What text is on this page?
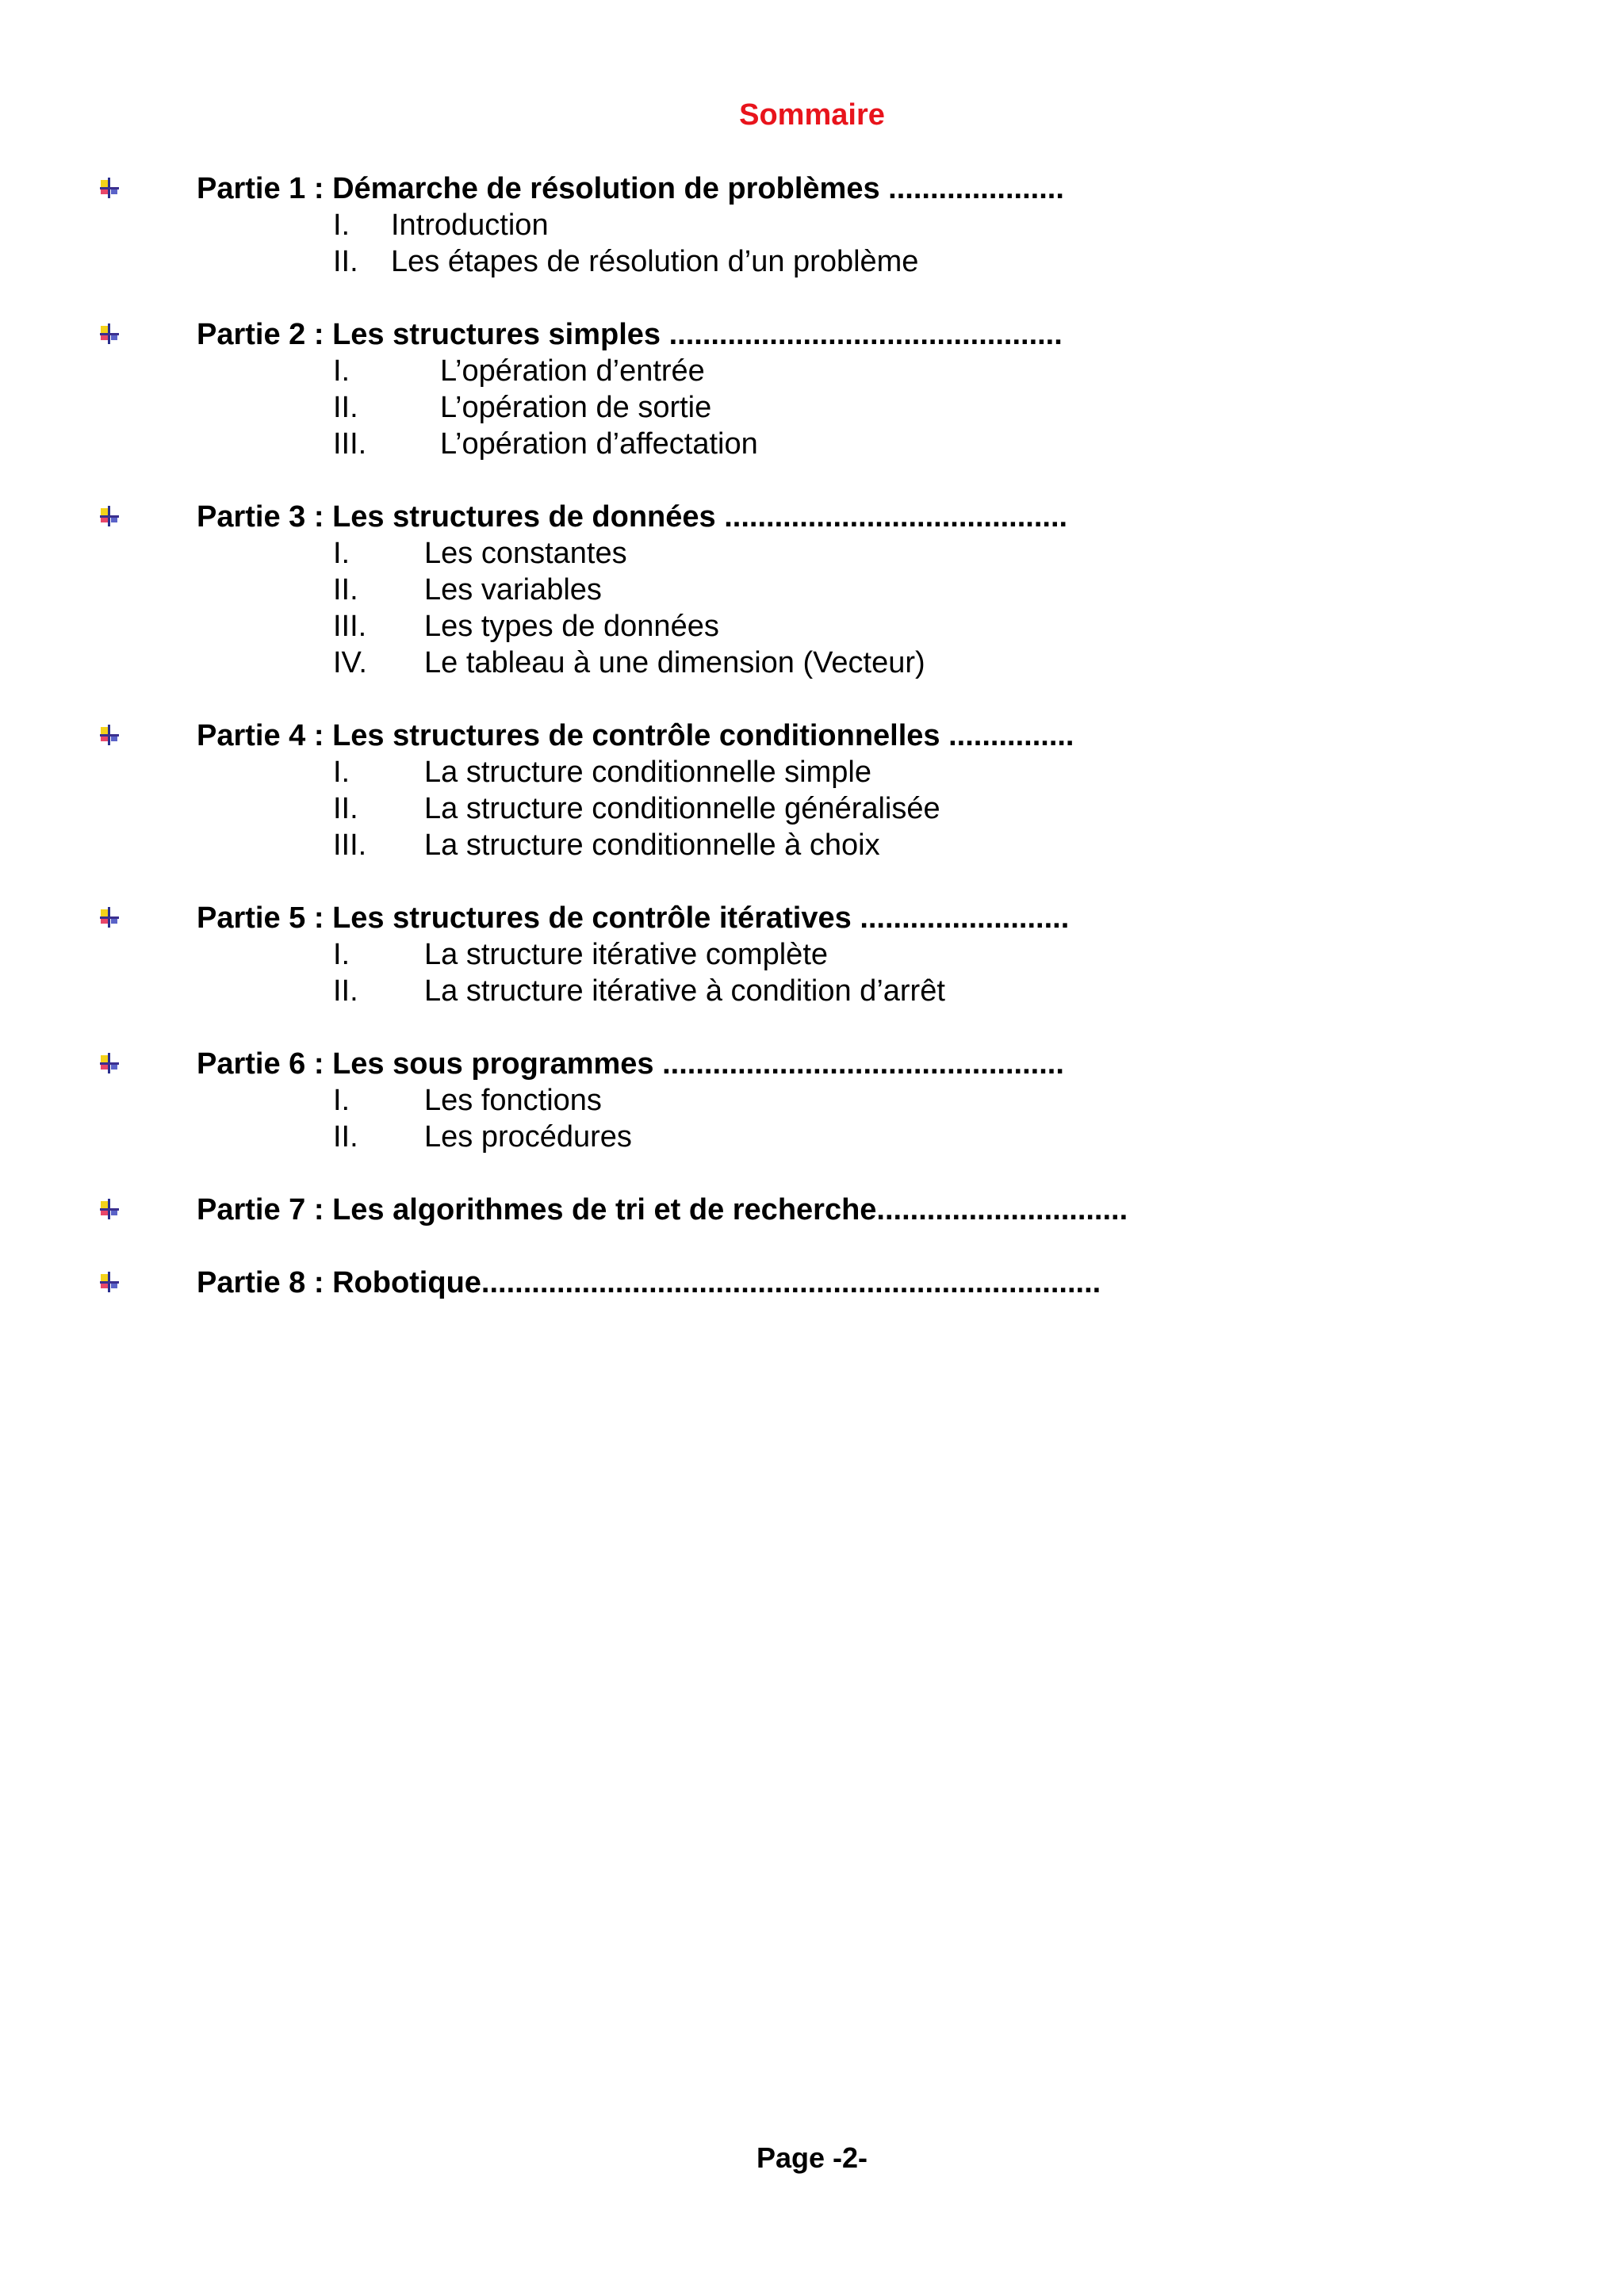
Sommaire
Partie 1 : Démarche de résolution de problèmes .....................
I. Introduction
II. Les étapes de résolution d’un problème
Partie 2 : Les structures simples ...............................................
I.	L’opération d’entrée
II.	L’opération de sortie
III. L’opération d’affectation
Partie 3 : Les structures de données .........................................
I. Les constantes
II. Les variables
III. Les types de données
IV. Le tableau à une dimension (Vecteur)
Partie 4 : Les structures de contrôle conditionnelles ...............
I. La structure conditionnelle simple
II. La structure conditionnelle généralisée
III. La structure conditionnelle à choix
Partie 5 : Les structures de contrôle itératives .........................
I. La structure itérative complète
II. La structure itérative à condition d’arrêt
Partie 6 : Les sous programmes ................................................
I. Les fonctions
II. Les procédures
Partie 7 : Les algorithmes de tri et de recherche..............................
Partie 8 : Robotique..........................................................................
Page -2-
